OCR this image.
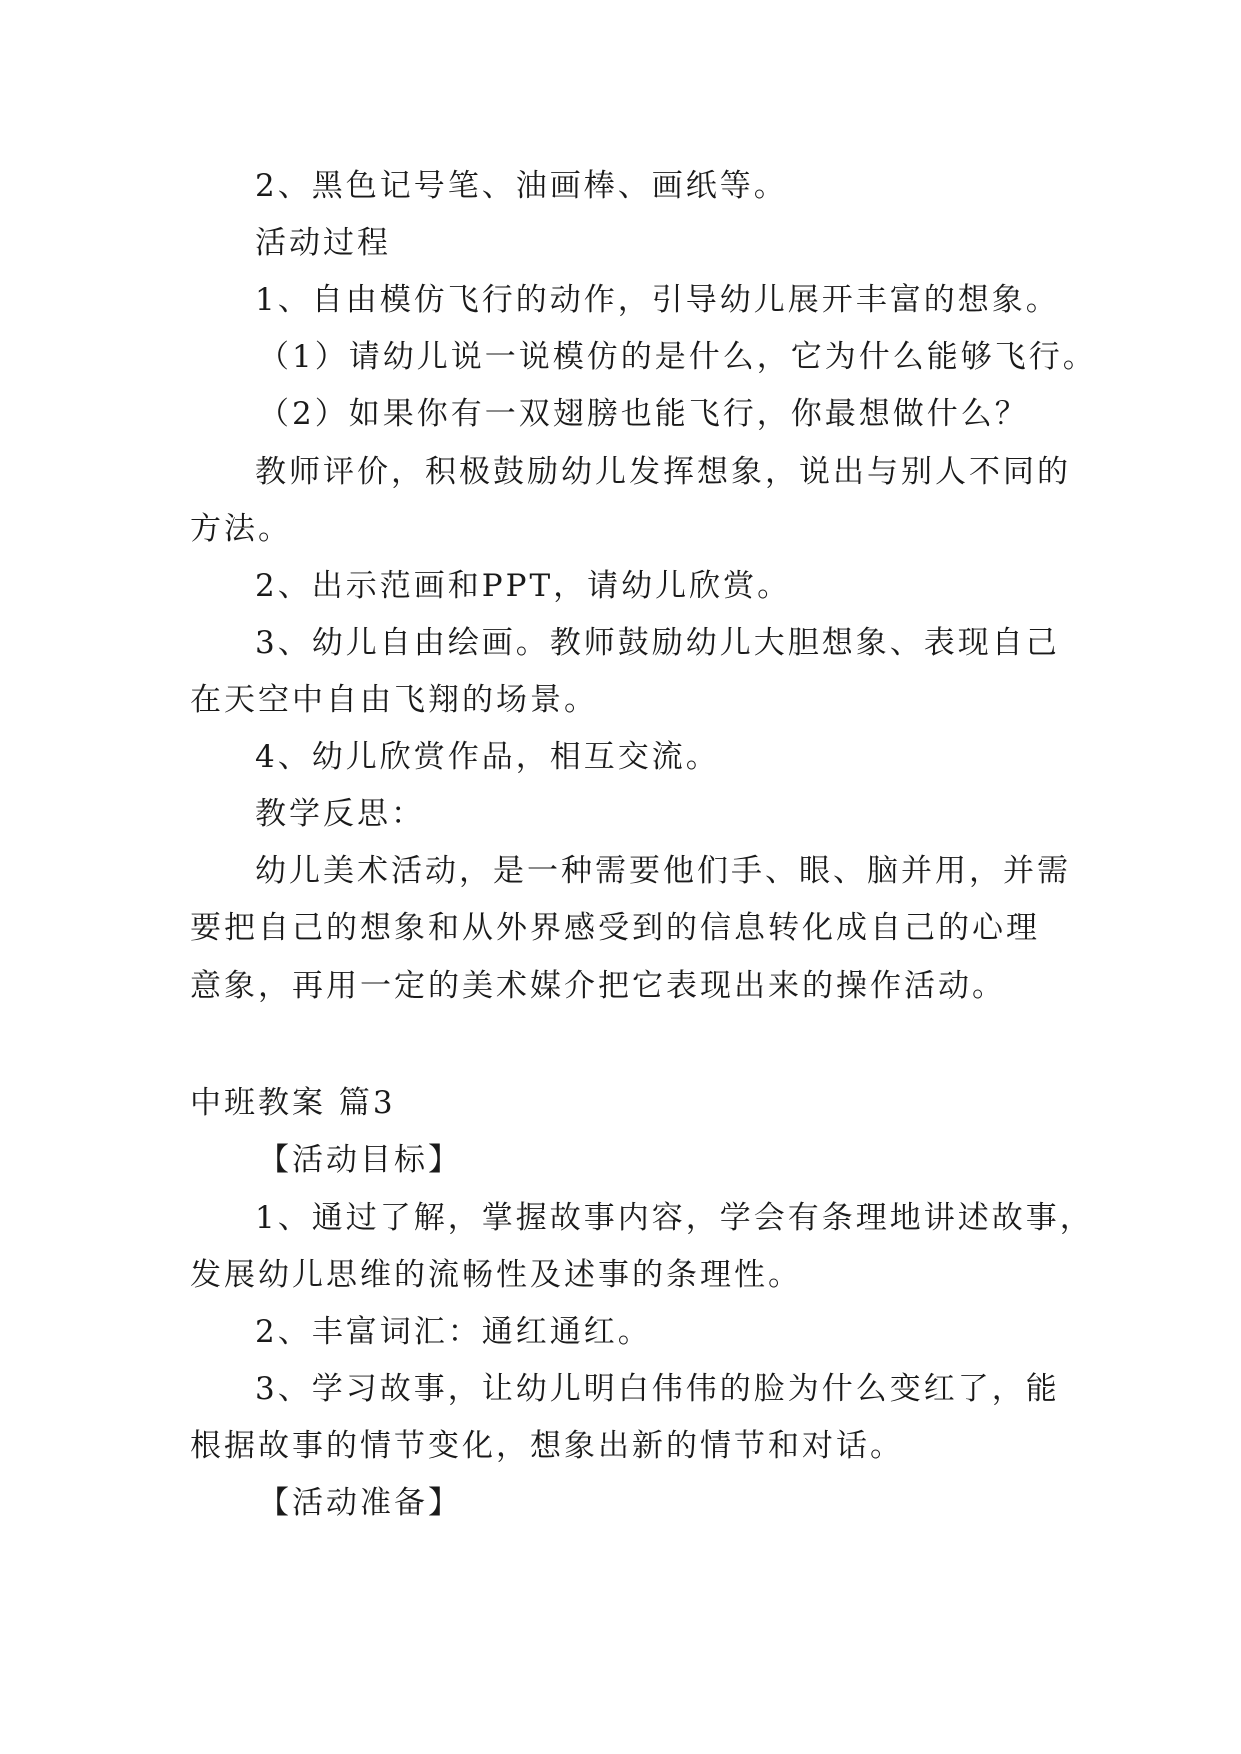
2、黑色记号笔、油画棒、画纸等。
活动过程
1、自由模仿飞行的动作，引导幼儿展开丰富的想象。
（1）请幼儿说一说模仿的是什么，它为什么能够飞行。
（2）如果你有一双翅膀也能飞行，你最想做什么？
教师评价，积极鼓励幼儿发挥想象，说出与别人不同的
方法。
2、出示范画和PPT，请幼儿欣赏。
3、幼儿自由绘画。教师鼓励幼儿大胆想象、表现自己
在天空中自由飞翔的场景。
4、幼儿欣赏作品，相互交流。
教学反思：
幼儿美术活动，是一种需要他们手、眼、脑并用，并需
要把自己的想象和从外界感受到的信息转化成自己的心理
意象，再用一定的美术媒介把它表现出来的操作活动。
中班教案 篇3
【活动目标】
1、通过了解，掌握故事内容，学会有条理地讲述故事，
发展幼儿思维的流畅性及述事的条理性。
2、丰富词汇：通红通红。
3、学习故事，让幼儿明白伟伟的脸为什么变红了，能
根据故事的情节变化，想象出新的情节和对话。
【活动准备】
